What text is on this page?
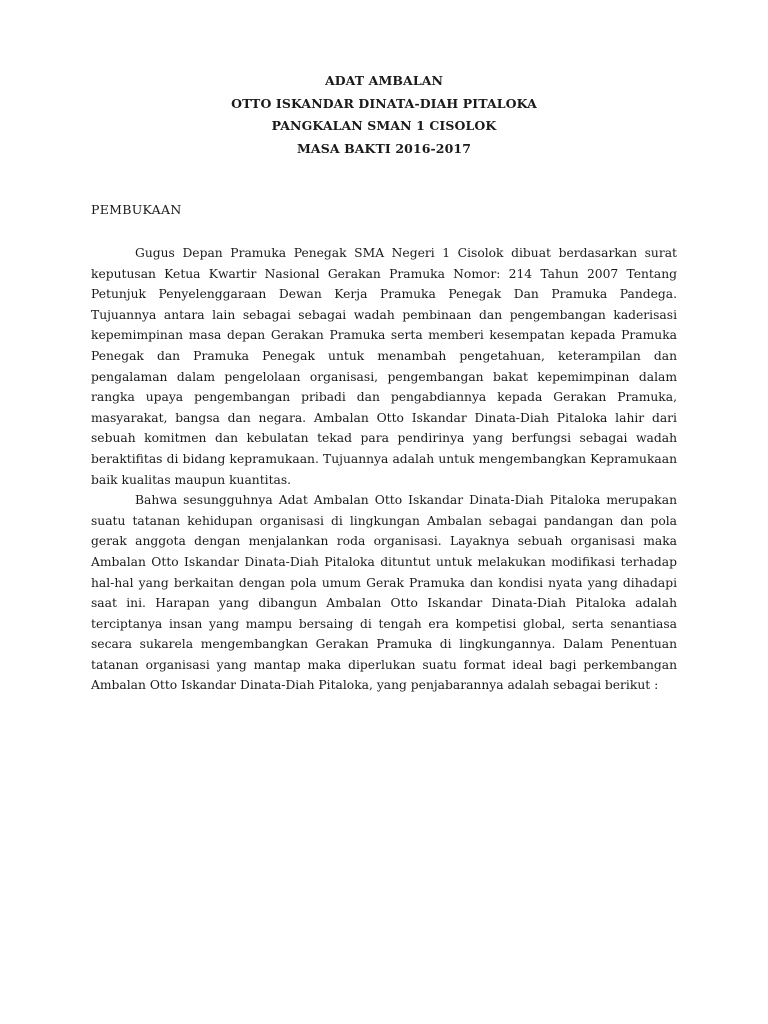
ADAT AMBALAN
OTTO ISKANDAR DINATA-DIAH PITALOKA
PANGKALAN SMAN 1 CISOLOK
MASA BAKTI 2016-2017
PEMBUKAAN

Gugus Depan Pramuka Penegak SMA Negeri 1 Cisolok dibuat berdasarkan surat keputusan Ketua Kwartir Nasional Gerakan Pramuka Nomor: 214 Tahun 2007 Tentang Petunjuk Penyelenggaraan Dewan Kerja Pramuka Penegak Dan Pramuka Pandega. Tujuannya antara lain sebagai sebagai wadah pembinaan dan pengembangan kaderisasi kepemimpinan masa depan Gerakan Pramuka serta memberi kesempatan kepada Pramuka Penegak dan Pramuka Penegak untuk menambah pengetahuan, keterampilan dan pengalaman dalam pengelolaan organisasi, pengembangan bakat kepemimpinan dalam rangka upaya pengembangan pribadi dan pengabdiannya kepada Gerakan Pramuka, masyarakat, bangsa dan negara. Ambalan Otto Iskandar Dinata-Diah Pitaloka lahir dari sebuah komitmen dan kebulatan tekad para pendirinya yang berfungsi sebagai wadah beraktifitas di bidang kepramukaan. Tujuannya adalah untuk mengembangkan Kepramukaan baik kualitas maupun kuantitas.

Bahwa sesungguhnya Adat Ambalan Otto Iskandar Dinata-Diah Pitaloka merupakan suatu tatanan kehidupan organisasi di lingkungan Ambalan sebagai pandangan dan pola gerak anggota dengan menjalankan roda organisasi. Layaknya sebuah organisasi maka Ambalan Otto Iskandar Dinata-Diah Pitaloka dituntut untuk melakukan modifikasi terhadap hal-hal yang berkaitan dengan pola umum Gerak Pramuka dan kondisi nyata yang dihadapi saat ini. Harapan yang dibangun Ambalan Otto Iskandar Dinata-Diah Pitaloka adalah terciptanya insan yang mampu bersaing di tengah era kompetisi global, serta senantiasa secara sukarela mengembangkan Gerakan Pramuka di lingkungannya. Dalam Penentuan tatanan organisasi yang mantap maka diperlukan suatu format ideal bagi perkembangan Ambalan Otto Iskandar Dinata-Diah Pitaloka, yang penjabarannya adalah sebagai berikut :
